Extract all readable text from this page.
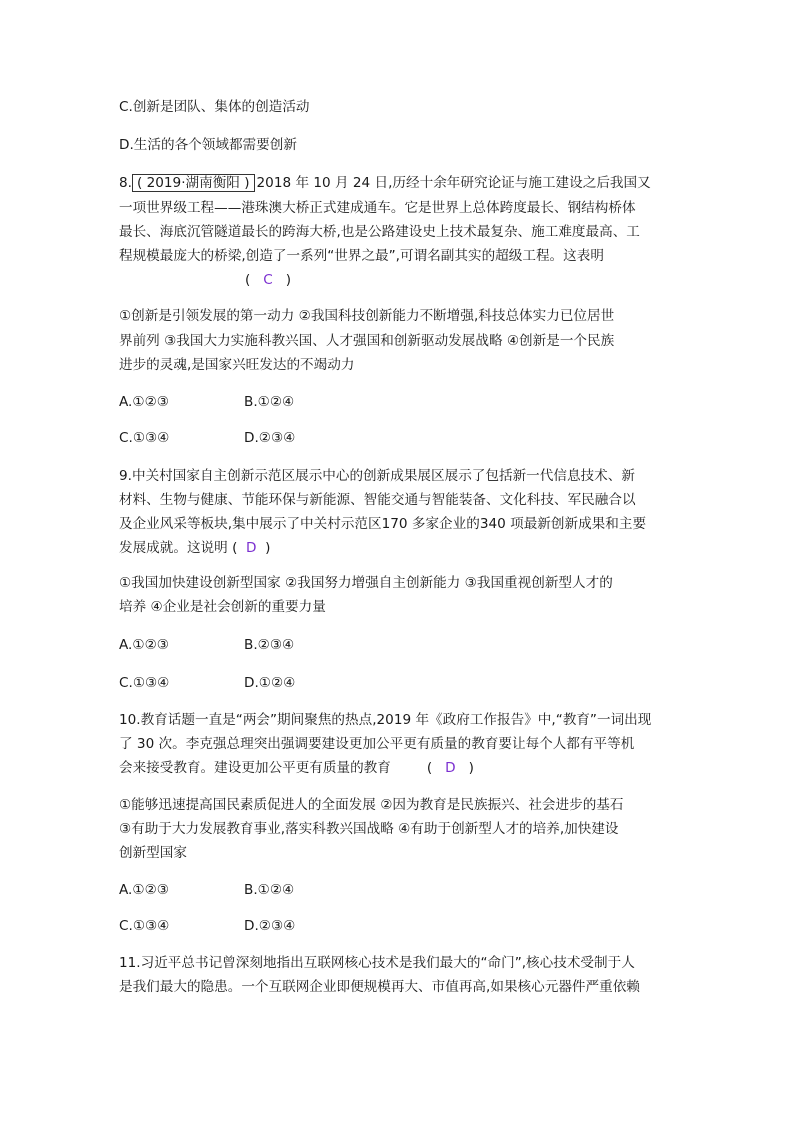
C.创新是团队、集体的创造活动
D.生活的各个领域都需要创新
8. ( 2019·湖南衡阳 ) 2018 年 10 月 24 日,历经十余年研究论证与施工建设之后我国又
一项世界级工程——港珠澳大桥正式建成通车。它是世界上总体跨度最长、钢结构桥体
最长、海底沉管隧道最长的跨海大桥,也是公路建设史上技术最复杂、施工难度最高、工
程规模最庞大的桥梁,创造了一系列“世界之最”,可谓名副其实的超级工程。这表明
( C )
①创新是引领发展的第一动力 ②我国科技创新能力不断增强,科技总体实力已位居世
界前列 ③我国大力实施科教兴国、人才强国和创新驱动发展战略 ④创新是一个民族
进步的灵魂,是国家兴旺发达的不竭动力
A.①②③	B.①②④
C.①③④	D.②③④
9.中关村国家自主创新示范区展示中心的创新成果展区展示了包括新一代信息技术、新
材料、生物与健康、节能环保与新能源、智能交通与智能装备、文化科技、军民融合以
及企业风采等板块,集中展示了中关村示范区170 多家企业的340 项最新创新成果和主要
发展成就。这说明 ( D )
①我国加快建设创新型国家 ②我国努力增强自主创新能力 ③我国重视创新型人才的
培养 ④企业是社会创新的重要力量
A.①②③	B.②③④
C.①③④	D.①②④
10.教育话题一直是“两会”期间聚焦的热点,2019 年《政府工作报告》中,“教育”一词出现
了 30 次。李克强总理突出强调要建设更加公平更有质量的教育要让每个人都有平等机
会来接受教育。建设更加公平更有质量的教育	( D )
①能够迅速提高国民素质促进人的全面发展 ②因为教育是民族振兴、社会进步的基石
③有助于大力发展教育事业,落实科教兴国战略 ④有助于创新型人才的培养,加快建设
创新型国家
A.①②③	B.①②④
C.①③④	D.②③④
11.习近平总书记曾深刻地指出互联网核心技术是我们最大的“命门”,核心技术受制于人
是我们最大的隐患。一个互联网企业即便规模再大、市值再高,如果核心元器件严重依赖
